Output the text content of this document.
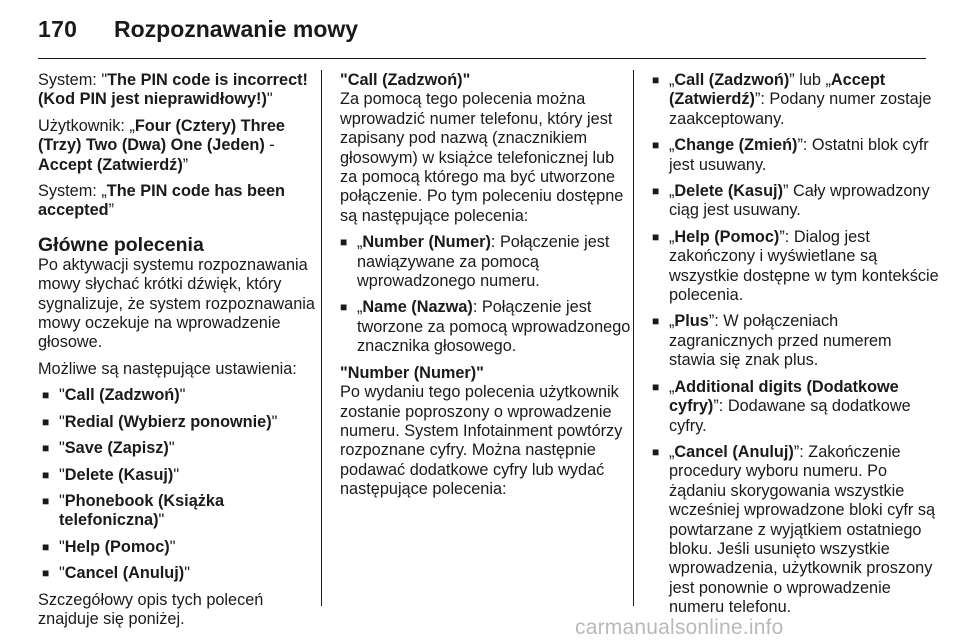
170 Rozpoznawanie mowy

System: "The PIN code is incorrect! (Kod PIN jest nieprawidłowy!)"

Użytkownik: „Four (Cztery) Three (Trzy) Two (Dwa) One (Jeden) - Accept (Zatwierdź)”

System: „The PIN code has been accepted”

Główne polecenia

Po aktywacji systemu rozpoznawania mowy słychać krótki dźwięk, który sygnalizuje, że system rozpoznawania mowy oczekuje na wprowadzenie głosowe.

Możliwe są następujące ustawienia:

■ "Call (Zadzwoń)"
■ "Redial (Wybierz ponownie)"
■ "Save (Zapisz)"
■ "Delete (Kasuj)"
■ "Phonebook (Książka telefoniczna)"
■ "Help (Pomoc)"
■ "Cancel (Anuluj)"

Szczegółowy opis tych poleceń znajduje się poniżej.

"Call (Zadzwoń)"

Za pomocą tego polecenia można wprowadzić numer telefonu, który jest zapisany pod nazwą (znacznikiem głosowym) w książce telefonicznej lub za pomocą którego ma być utworzone połączenie. Po tym poleceniu dostępne są następujące polecenia:

■ „Number (Numer): Połączenie jest nawiązywane za pomocą wprowadzonego numeru.
■ „Name (Nazwa): Połączenie jest tworzone za pomocą wprowadzonego znacznika głosowego.

"Number (Numer)"

Po wydaniu tego polecenia użytkownik zostanie poproszony o wprowadzenie numeru. System Infotainment powtórzy rozpoznane cyfry. Można następnie podawać dodatkowe cyfry lub wydać następujące polecenia:

■ „Call (Zadzwoń)” lub „Accept (Zatwierdź)”: Podany numer zostaje zaakceptowany.
■ „Change (Zmień)”: Ostatni blok cyfr jest usuwany.
■ „Delete (Kasuj)” Cały wprowadzony ciąg jest usuwany.
■ „Help (Pomoc)”: Dialog jest zakończony i wyświetlane są wszystkie dostępne w tym kontekście polecenia.
■ „Plus”: W połączeniach zagranicznych przed numerem stawia się znak plus.
■ „Additional digits (Dodatkowe cyfry)”: Dodawane są dodatkowe cyfry.
■ „Cancel (Anuluj)”: Zakończenie procedury wyboru numeru. Po żądaniu skorygowania wszystkie wcześniej wprowadzone bloki cyfr są powtarzane z wyjątkiem ostatniego bloku. Jeśli usunięto wszystkie wprowadzenia, użytkownik proszony jest ponownie o wprowadzenie numeru telefonu.
carmanualsonline.info
